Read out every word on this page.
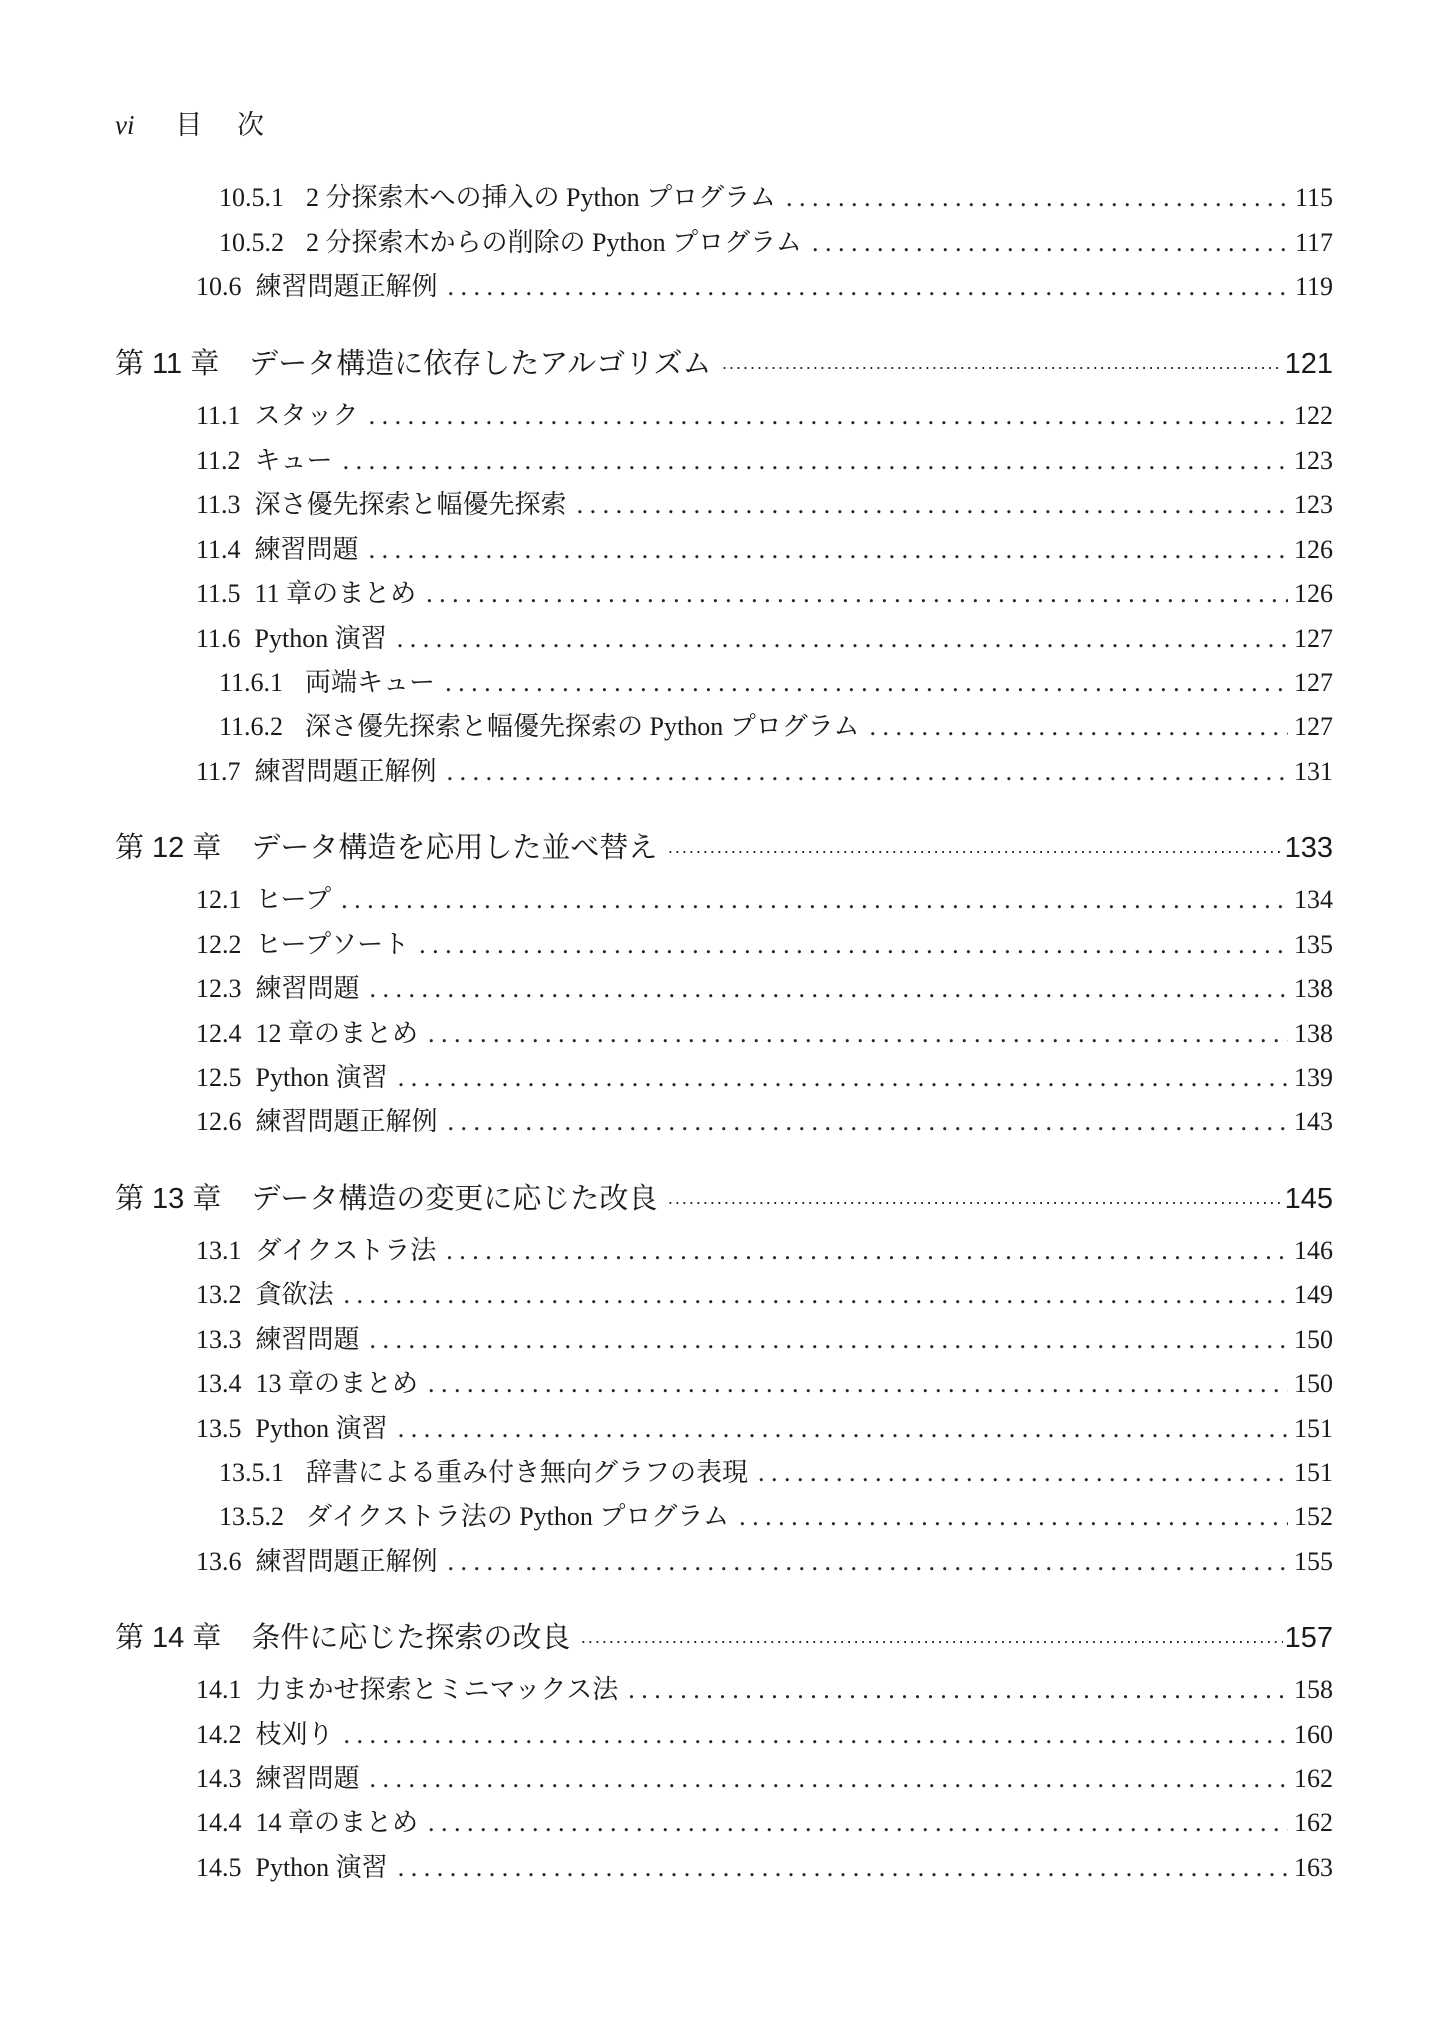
vi 目 次
10.5.1 2 分探索木への挿入の Python プログラム . . .	115
10.5.2 2 分探索木からの削除の Python プログラム . . .	117
10.6 練習問題正解例 . . .	119
第 11 章 データ構造に依存したアルゴリズム ·····	121
11.1 スタック . . .	122
11.2 キュー . . .	123
11.3 深さ優先探索と幅優先探索 . . .	123
11.4 練習問題 . . .	126
11.5 11 章のまとめ . . .	126
11.6 Python 演習 . . .	127
11.6.1 両端キュー . . .	127
11.6.2 深さ優先探索と幅優先探索の Python プログラム . . .	127
11.7 練習問題正解例 . . .	131
第 12 章 データ構造を応用した並べ替え ·····	133
12.1 ヒープ . . .	134
12.2 ヒープソート . . .	135
12.3 練習問題 . . .	138
12.4 12 章のまとめ . . .	138
12.5 Python 演習 . . .	139
12.6 練習問題正解例 . . .	143
第 13 章 データ構造の変更に応じた改良 ·····	145
13.1 ダイクストラ法 . . .	146
13.2 貪欲法 . . .	149
13.3 練習問題 . . .	150
13.4 13 章のまとめ . . .	150
13.5 Python 演習 . . .	151
13.5.1 辞書による重み付き無向グラフの表現 . . .	151
13.5.2 ダイクストラ法の Python プログラム . . .	152
13.6 練習問題正解例 . . .	155
第 14 章 条件に応じた探索の改良 ·····	157
14.1 力まかせ探索とミニマックス法 . . .	158
14.2 枝刈り . . .	160
14.3 練習問題 . . .	162
14.4 14 章のまとめ . . .	162
14.5 Python 演習 . . .	163
